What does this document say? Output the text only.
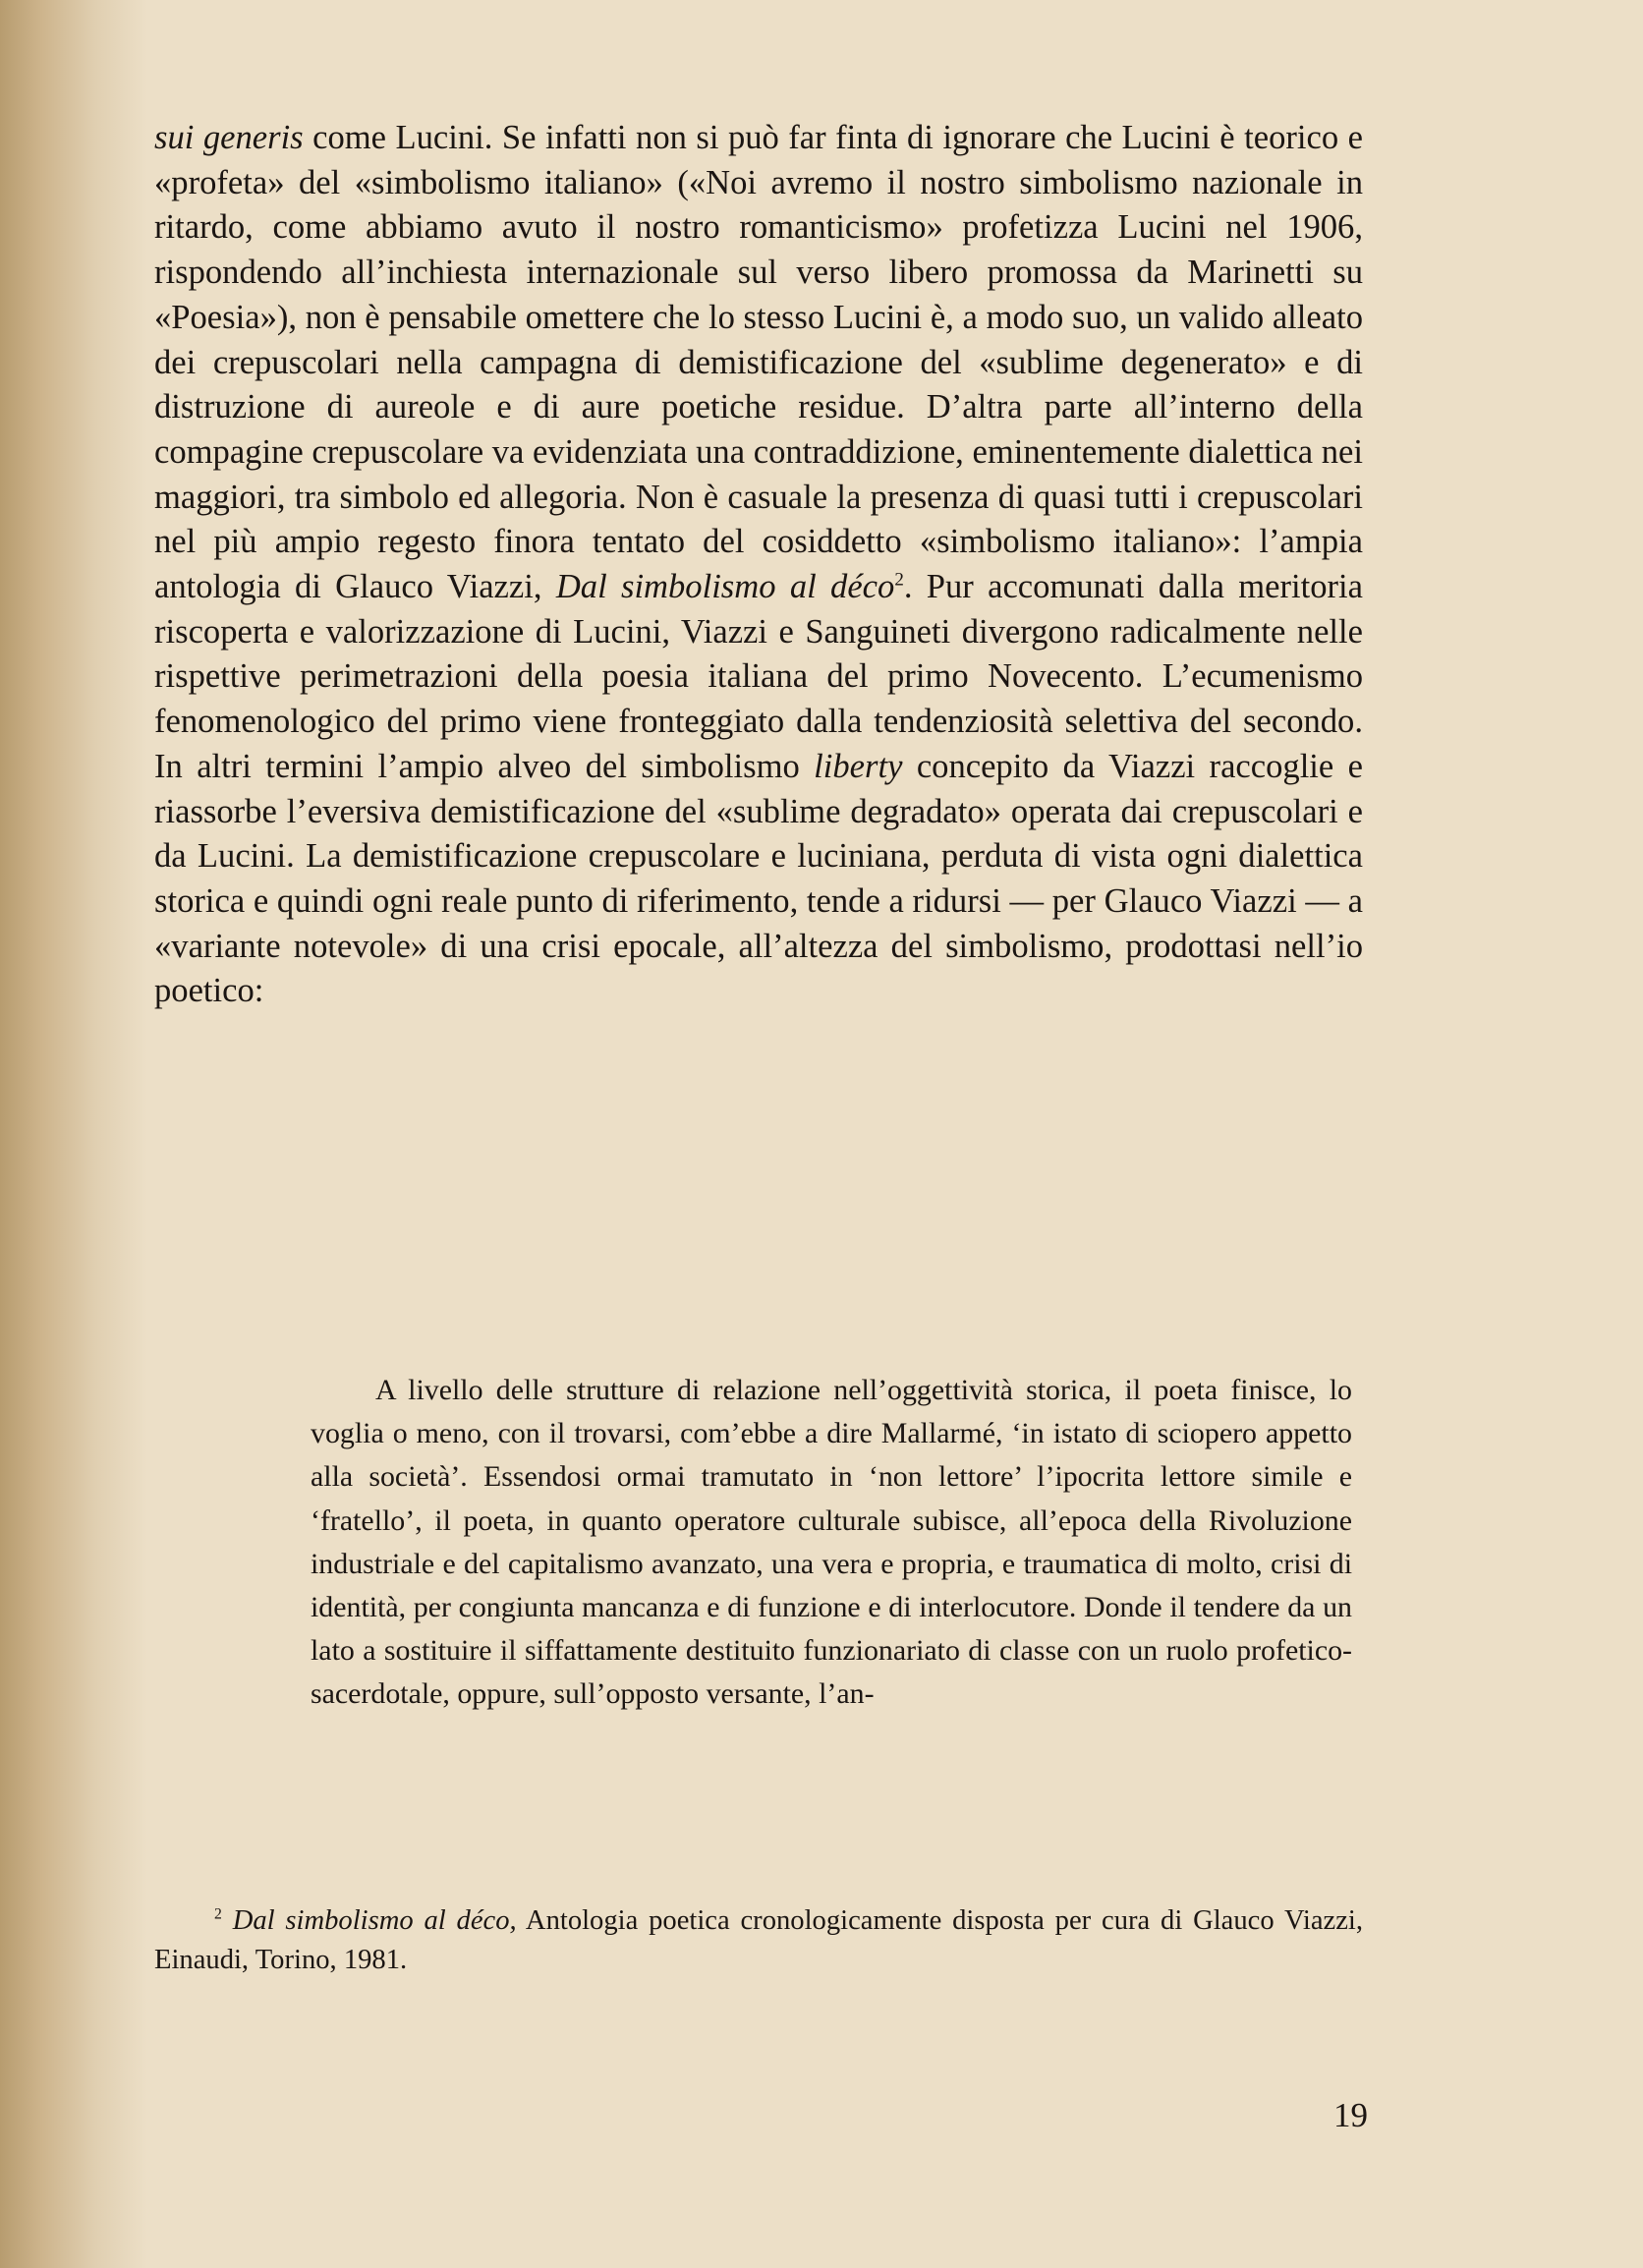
sui generis come Lucini. Se infatti non si può far finta di ignorare che Lucini è teorico e «profeta» del «simbolismo italiano» («Noi avremo il nostro simbolismo nazionale in ritardo, come abbiamo avuto il nostro romanticismo» profetizza Lucini nel 1906, rispondendo all’inchiesta internazionale sul verso libero promossa da Marinetti su «Poesia»), non è pensabile omettere che lo stesso Lucini è, a modo suo, un valido alleato dei crepuscolari nella campagna di demistificazione del «sublime degenerato» e di distruzione di aureole e di aure poetiche residue. D’altra parte all’interno della compagine crepuscolare va evidenziata una contraddizione, eminentemente dialettica nei maggiori, tra simbolo ed allegoria. Non è casuale la presenza di quasi tutti i crepuscolari nel più ampio regesto finora tentato del cosiddetto «simbolismo italiano»: l’ampia antologia di Glauco Viazzi, Dal simbolismo al déco$^2$. Pur accomunati dalla meritoria riscoperta e valorizzazione di Lucini, Viazzi e Sanguineti divergono radicalmente nelle rispettive perimetrazioni della poesia italiana del primo Novecento. L’ecumenismo fenomenologico del primo viene fronteggiato dalla tendenziosità selettiva del secondo. In altri termini l’ampio alveo del simbolismo liberty concepito da Viazzi raccoglie e riassorbe l’eversiva demistificazione del «sublime degradato» operata dai crepuscolari e da Lucini. La demistificazione crepuscolare e luciniana, perduta di vista ogni dialettica storica e quindi ogni reale punto di riferimento, tende a ridursi — per Glauco Viazzi — a «variante notevole» di una crisi epocale, all’altezza del simbolismo, prodottasi nell’io poetico:

A livello delle strutture di relazione nell’oggettività storica, il poeta finisce, lo voglia o meno, con il trovarsi, com’ebbe a dire Mallarmé, ‘in istato di sciopero appetto alla società’. Essendosi ormai tramutato in ‘non lettore’ l’ipocrita lettore simile e ‘fratello’, il poeta, in quanto operatore culturale subisce, all’epoca della Rivoluzione industriale e del capitalismo avanzato, una vera e propria, e traumatica di molto, crisi di identità, per congiunta mancanza e di funzione e di interlocutore. Donde il tendere da un lato a sostituire il siffattamente destituito funzionariato di classe con un ruolo profetico-sacerdotale, oppure, sull’opposto versante, l’an-

$^2$ Dal simbolismo al déco, Antologia poetica cronologicamente disposta per cura di Glauco Viazzi, Einaudi, Torino, 1981.

19
